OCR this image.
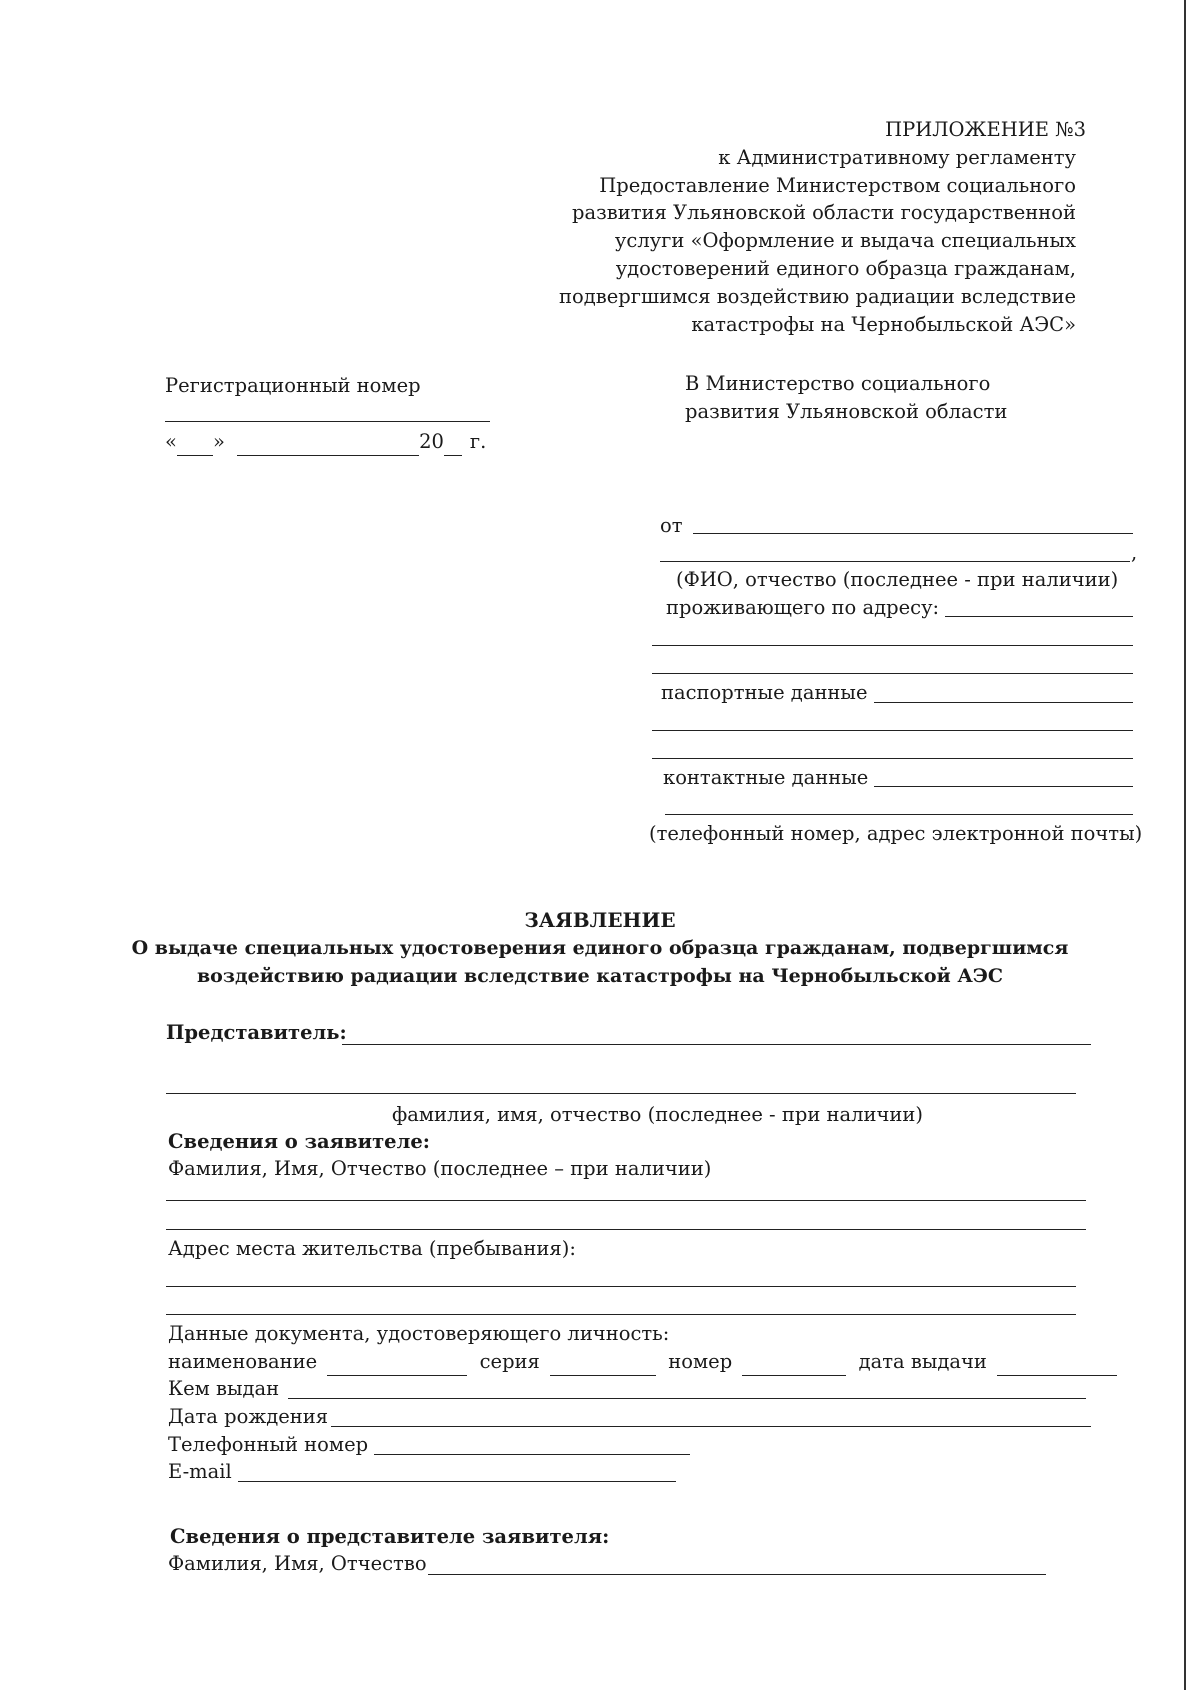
ПРИЛОЖЕНИЕ №3
к Административному регламенту
Предоставление Министерством социального
развития Ульяновской области государственной
услуги «Оформление и выдача специальных
удостоверений единого образца гражданам,
подвергшимся воздействию радиации вследствие
катастрофы на Чернобыльской АЭС»
Регистрационный номер
« »	20 г.
В Министерство социального
развития Ульяновской области
от
,
(ФИО, отчество (последнее - при наличии)
проживающего по адресу:
паспортные данные
контактные данные
(телефонный номер, адрес электронной почты)
ЗАЯВЛЕНИЕ
О выдаче специальных удостоверения единого образца гражданам, подвергшимся
воздействию радиации вследствие катастрофы на Чернобыльской АЭС
Представитель:
фамилия, имя, отчество (последнее - при наличии)
Сведения о заявителе:
Фамилия, Имя, Отчество (последнее – при наличии)
Адрес места жительства (пребывания):
Данные документа, удостоверяющего личность:
наименование	серия	номер	дата выдачи
Кем выдан
Дата рождения
Телефонный номер
E-mail
Сведения о представителе заявителя:
Фамилия, Имя, Отчество
